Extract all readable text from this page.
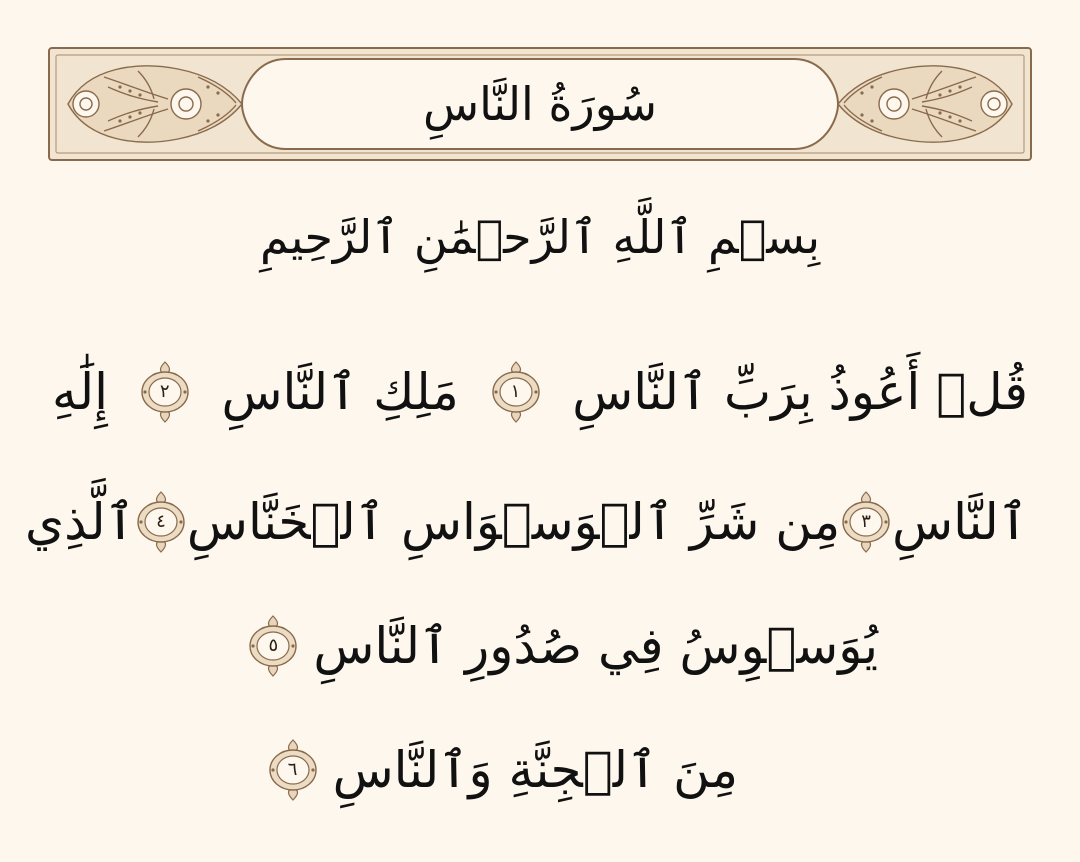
سُورَةُ النَّاسِ
بِسۡمِ ٱللَّهِ ٱلرَّحۡمَٰنِ ٱلرَّحِيمِ
قُلۡ أَعُوذُ بِرَبِّ ٱلنَّاسِ
١
مَلِكِ ٱلنَّاسِ
٢
إِلَٰهِ
ٱلنَّاسِ
٣
مِن شَرِّ ٱلۡوَسۡوَاسِ ٱلۡخَنَّاسِ
٤
ٱلَّذِي
يُوَسۡوِسُ فِي صُدُورِ ٱلنَّاسِ
٥
مِنَ ٱلۡجِنَّةِ وَٱلنَّاسِ
٦
